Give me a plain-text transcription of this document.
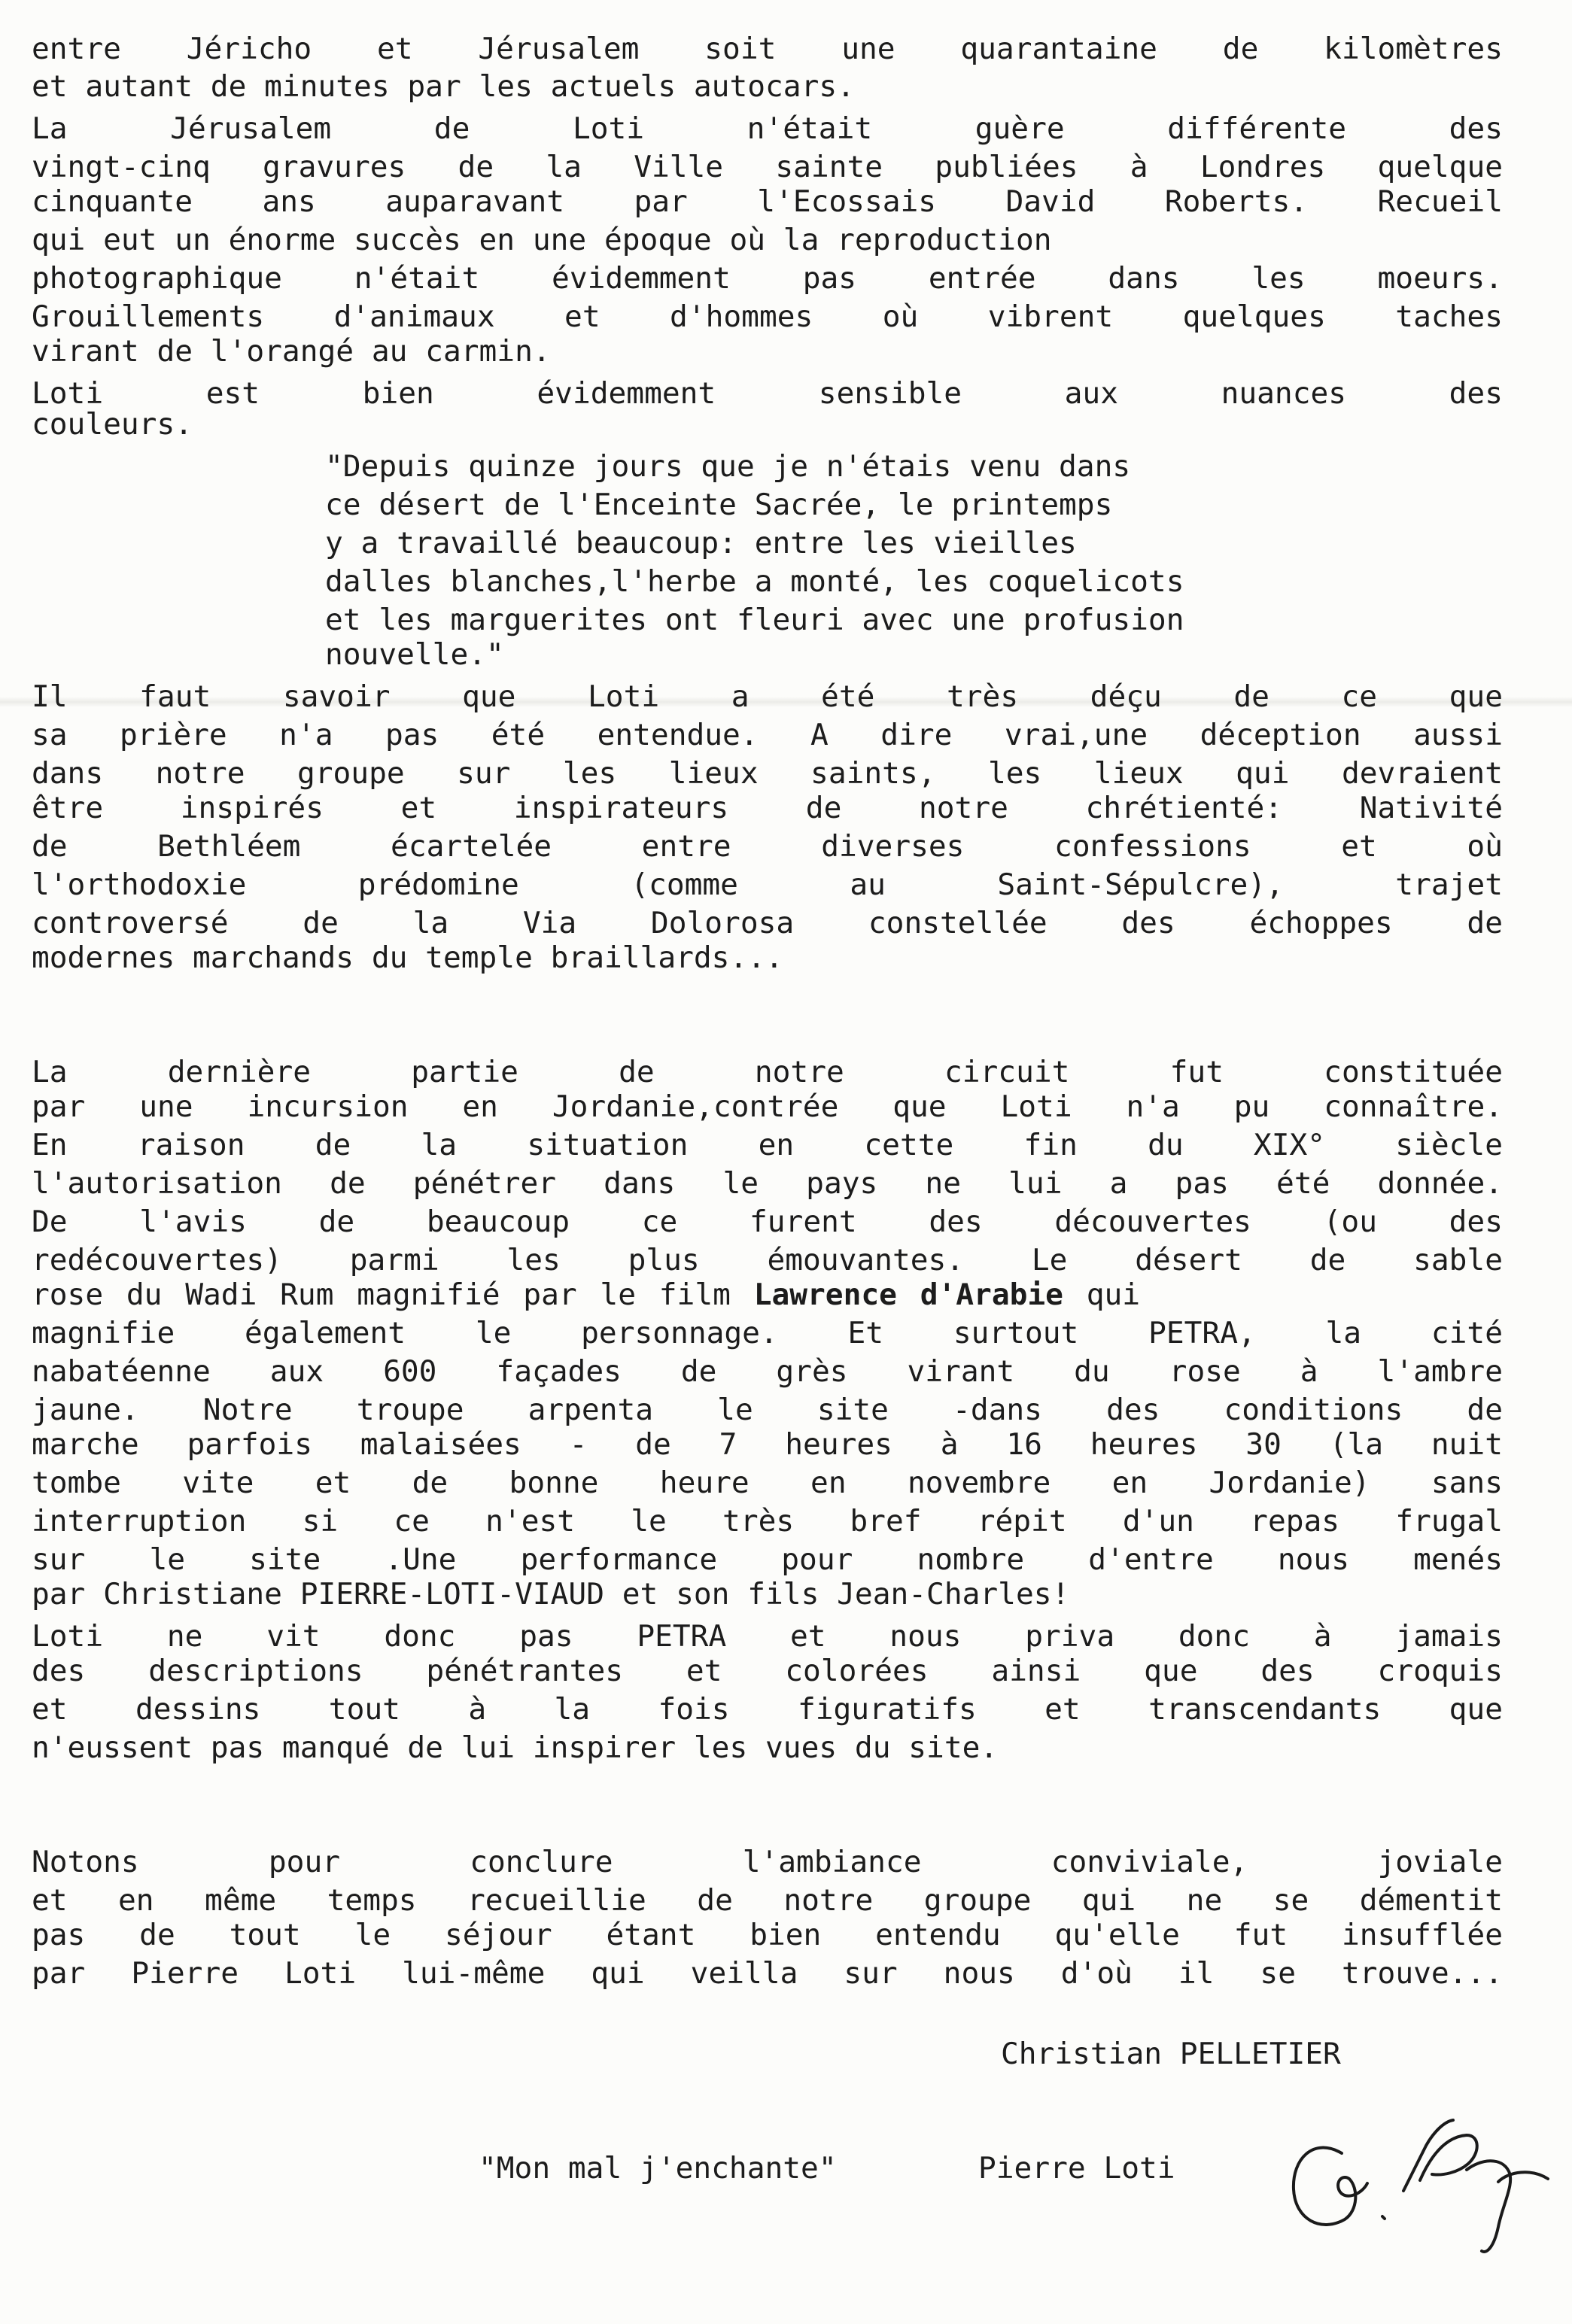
entre Jéricho et Jérusalem soit une quarantaine de kilomètres

et autant de minutes par les actuels autocars.

La Jérusalem de Loti n'était guère différente des

vingt-cinq gravures de la Ville sainte publiées à Londres quelque

cinquante ans auparavant par l'Ecossais David Roberts. Recueil

qui eut un énorme succès en une époque où la reproduction

photographique n'était évidemment pas entrée dans les moeurs.

Grouillements d'animaux et d'hommes où vibrent quelques taches

virant de l'orangé au carmin.

Loti est bien évidemment sensible aux nuances des

couleurs.

"Depuis quinze jours que je n'étais venu dans

ce désert de l'Enceinte Sacrée, le printemps

y a travaillé beaucoup: entre les vieilles

dalles blanches,l'herbe a monté, les coquelicots

et les marguerites ont fleuri avec une profusion

nouvelle."

Il faut savoir que Loti a été très déçu de ce que

sa prière n'a pas été entendue. A dire vrai,une déception aussi

dans notre groupe sur les lieux saints, les lieux qui devraient

être inspirés et inspirateurs de notre chrétienté: Nativité

de Bethléem écartelée entre diverses confessions et où

l'orthodoxie prédomine (comme au Saint-Sépulcre), trajet

controversé de la Via Dolorosa constellée des échoppes de

modernes marchands du temple braillards...

La dernière partie de notre circuit fut constituée

par une incursion en Jordanie,contrée que Loti n'a pu connaître.

En raison de la situation en cette fin du XIX° siècle

l'autorisation de pénétrer dans le pays ne lui a pas été donnée.

De l'avis de beaucoup ce furent des découvertes (ou des

redécouvertes) parmi les plus émouvantes. Le désert de sable

rose du Wadi Rum magnifié par le film Lawrence d'Arabie qui

magnifie également le personnage. Et surtout PETRA, la cité

nabatéenne aux 600 façades de grès virant du rose à l'ambre

jaune. Notre troupe arpenta le site -dans des conditions de

marche parfois malaisées - de 7 heures à 16 heures 30 (la nuit

tombe vite et de bonne heure en novembre en Jordanie) sans

interruption si ce n'est le très bref répit d'un repas frugal

sur le site .Une performance pour nombre d'entre nous menés

par Christiane PIERRE-LOTI-VIAUD et son fils Jean-Charles!

Loti ne vit donc pas PETRA et nous priva donc à jamais

des descriptions pénétrantes et colorées ainsi que des croquis

et dessins tout à la fois figuratifs et transcendants que

n'eussent pas manqué de lui inspirer les vues du site.

Notons pour conclure l'ambiance conviviale, joviale

et en même temps recueillie de notre groupe qui ne se démentit

pas de tout le séjour étant bien entendu qu'elle fut insufflée

par Pierre Loti lui-même qui veilla sur nous d'où il se trouve...

Christian PELLETIER
"Mon mal j'enchante"	Pierre Loti
